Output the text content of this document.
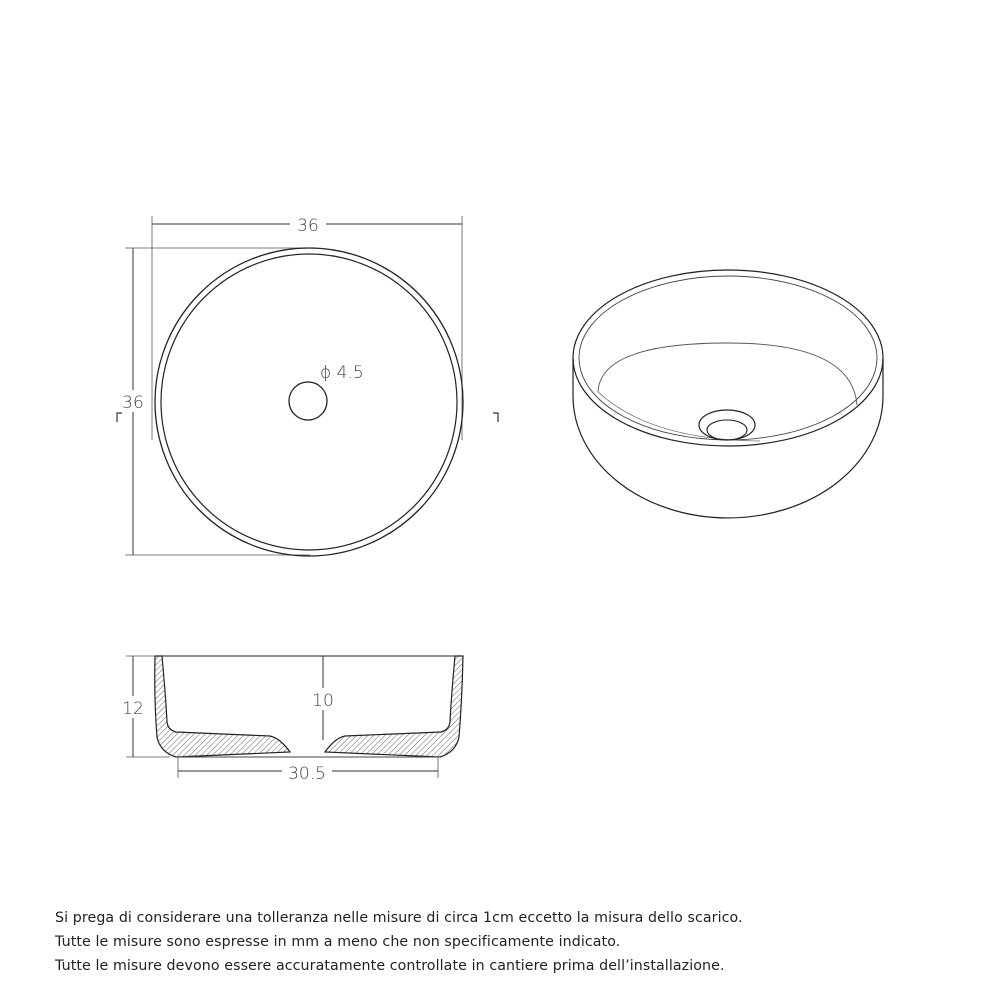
36
36
ϕ 4.5
12	10
30.5
Si prega di considerare una tolleranza nelle misure di circa 1cm eccetto la misura dello scarico.
Tutte le misure sono espresse in mm a meno che non specificamente indicato.
Tutte le misure devono essere accuratamente controllate in cantiere prima dell’installazione.
